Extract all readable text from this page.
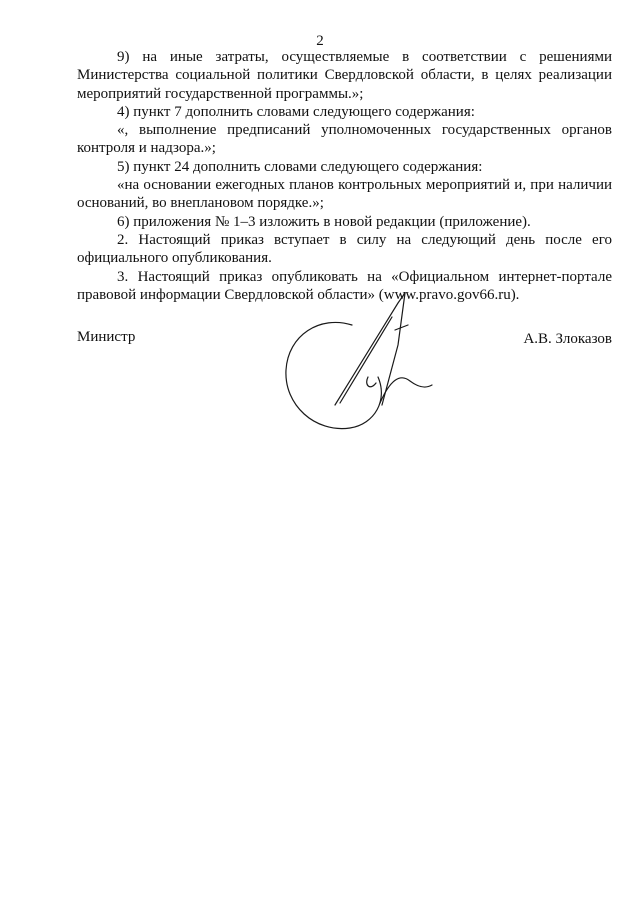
2

9) на иные затраты, осуществляемые в соответствии с решениями Министерства социальной политики Свердловской области, в целях реализации мероприятий государственной программы.»;

4) пункт 7 дополнить словами следующего содержания:

«, выполнение предписаний уполномоченных государственных органов контроля и надзора.»;

5) пункт 24 дополнить словами следующего содержания:

«на основании ежегодных планов контрольных мероприятий и, при наличии оснований, во внеплановом порядке.»;

6) приложения № 1–3 изложить в новой редакции (приложение).

2. Настоящий приказ вступает в силу на следующий день после его официального опубликования.

3. Настоящий приказ опубликовать на «Официальном интернет-портале правовой информации Свердловской области» (www.pravo.gov66.ru).

Министр	А.В. Злоказов
